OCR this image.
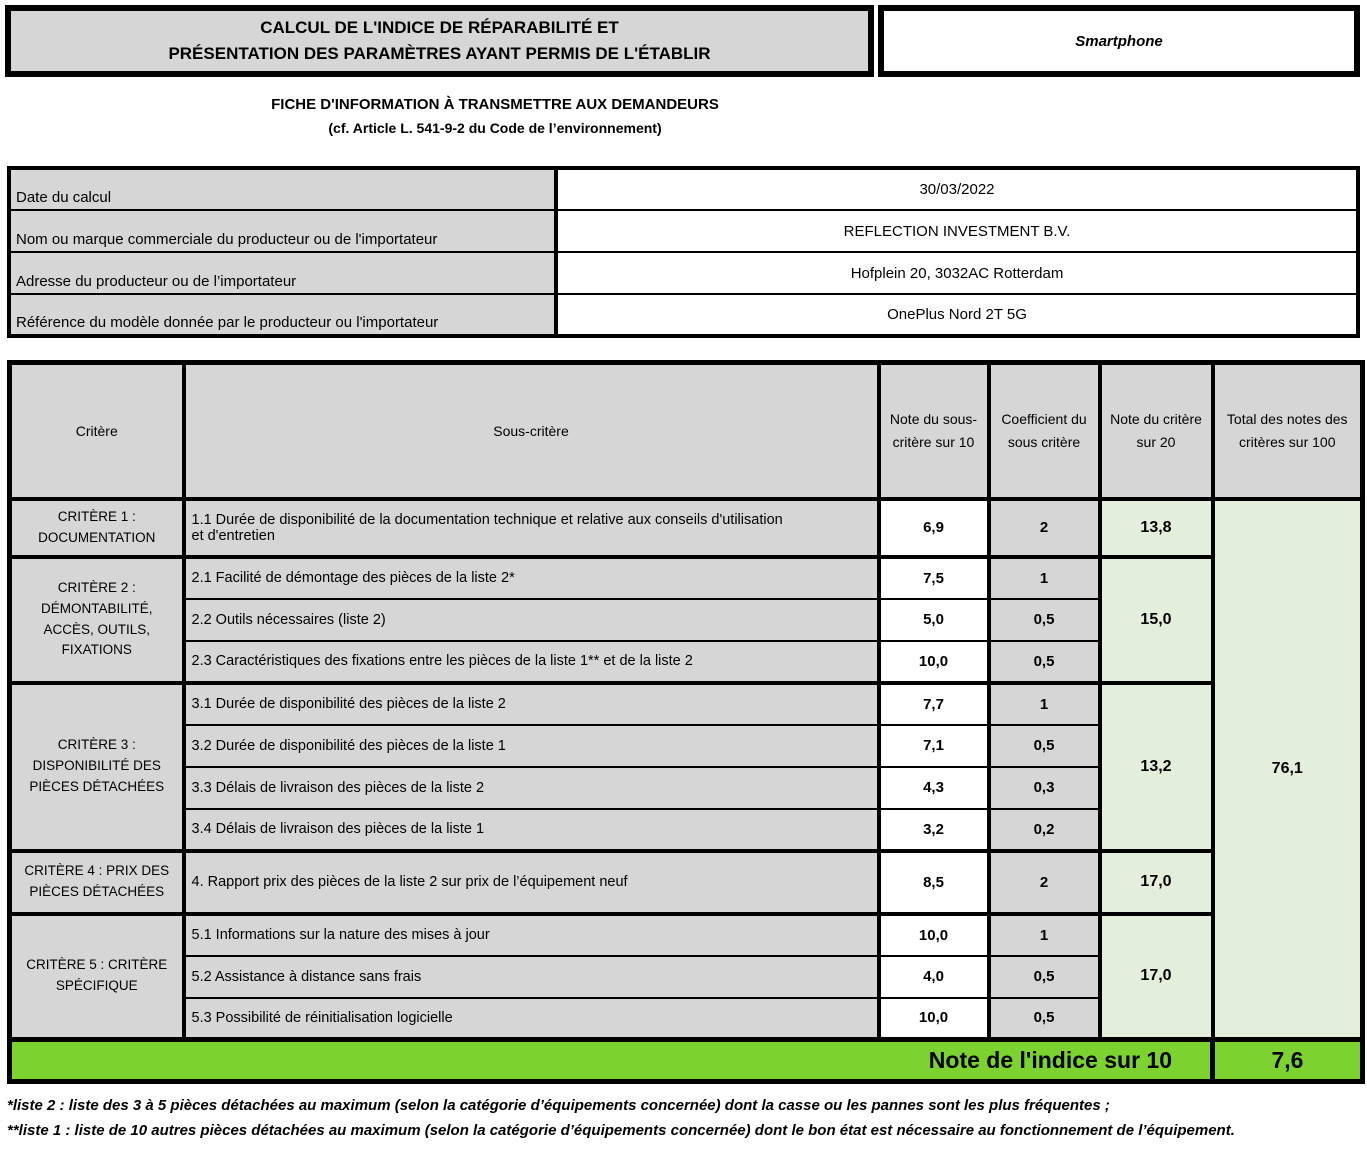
CALCUL DE L'INDICE DE RÉPARABILITÉ ET
PRÉSENTATION DES PARAMÈTRES AYANT PERMIS DE L'ÉTABLIR
Smartphone
FICHE D'INFORMATION À TRANSMETTRE AUX DEMANDEURS
(cf. Article L. 541-9-2 du Code de l’environnement)
Date du calcul	30/03/2022
Nom ou marque commerciale du producteur ou de l'importateur	REFLECTION INVESTMENT B.V.
Adresse du producteur ou de l’importateur	Hofplein 20, 3032AC Rotterdam
Référence du modèle donnée par le producteur ou l'importateur	OnePlus Nord 2T 5G
Critère	Sous-critère	Note du sous-critère sur 10	Coefficient du sous critère	Note du critère sur 20	Total des notes des critères sur 100
CRITÈRE 1 : DOCUMENTATION	1.1 Durée de disponibilité de la documentation technique et relative aux conseils d'utilisation et d'entretien	6,9	2	13,8	76,1
CRITÈRE 2 : DÉMONTABILITÉ, ACCÈS, OUTILS, FIXATIONS	2.1 Facilité de démontage des pièces de la liste 2*	7,5	1	15,0	
	2.2 Outils nécessaires (liste 2)	5,0	0,5		
	2.3 Caractéristiques des fixations entre les pièces de la liste 1** et de la liste 2	10,0	0,5		
CRITÈRE 3 : DISPONIBILITÉ DES PIÈCES DÉTACHÉES	3.1 Durée de disponibilité des pièces de la liste 2	7,7	1	13,2	
	3.2 Durée de disponibilité des pièces de la liste 1	7,1	0,5		
	3.3 Délais de livraison des pièces de la liste 2	4,3	0,3		
	3.4 Délais de livraison des pièces de la liste 1	3,2	0,2		
CRITÈRE 4 : PRIX DES PIÈCES DÉTACHÉES	4. Rapport prix des pièces de la liste 2 sur prix de l’équipement neuf	8,5	2	17,0	
CRITÈRE 5 : CRITÈRE SPÉCIFIQUE	5.1 Informations sur la nature des mises à jour	10,0	1	17,0	
	5.2 Assistance à distance sans frais	4,0	0,5		
	5.3 Possibilité de réinitialisation logicielle	10,0	0,5		
Note de l'indice sur 10					7,6
*liste 2 : liste des 3 à 5 pièces détachées au maximum (selon la catégorie d’équipements concernée) dont la casse ou les pannes sont les plus fréquentes ;
**liste 1 : liste de 10 autres pièces détachées au maximum (selon la catégorie d’équipements concernée) dont le bon état est nécessaire au fonctionnement de l’équipement.
